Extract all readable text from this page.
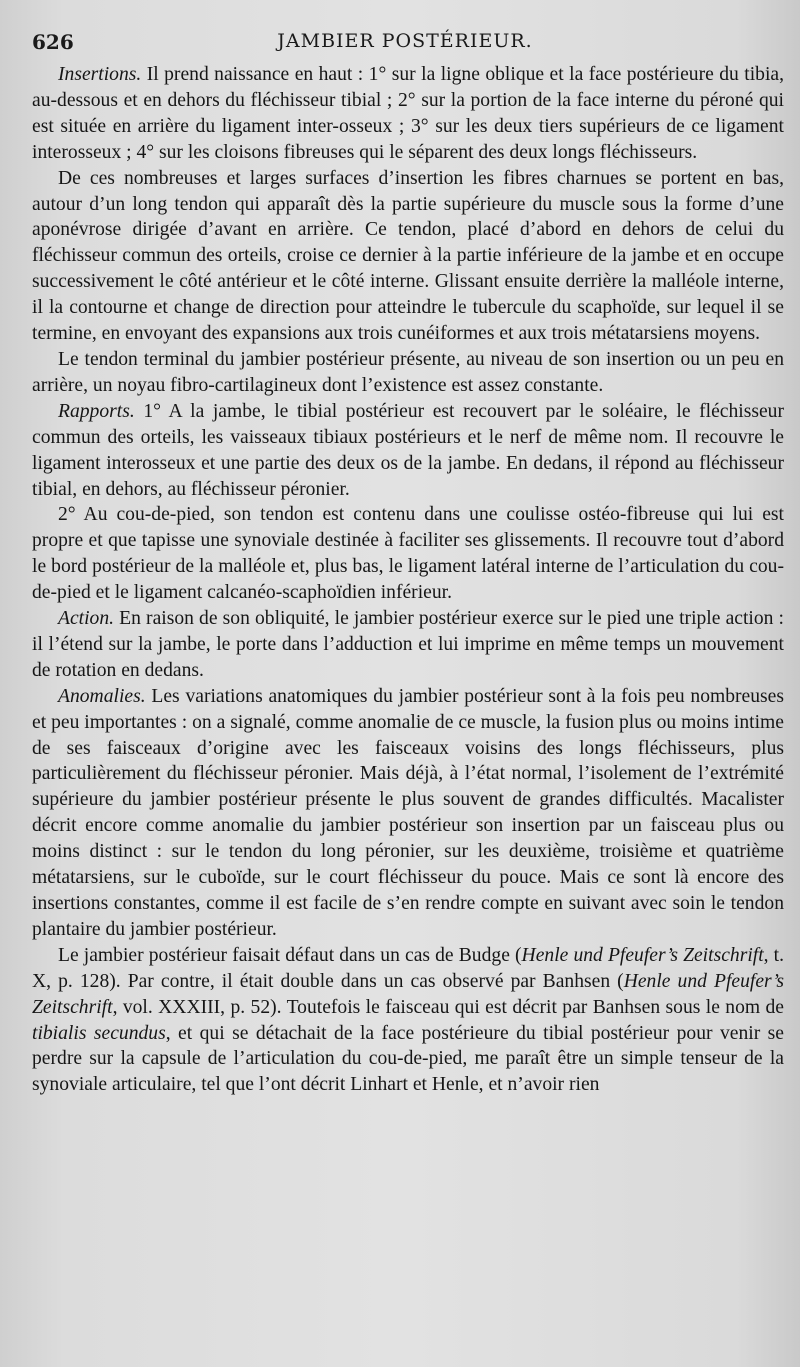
626	JAMBIER POSTÉRIEUR.

Insertions. Il prend naissance en haut : 1° sur la ligne oblique et la face postérieure du tibia, au-dessous et en dehors du fléchisseur tibial ; 2° sur la portion de la face interne du péroné qui est située en arrière du ligament inter-osseux ; 3° sur les deux tiers supérieurs de ce ligament interosseux ; 4° sur les cloisons fibreuses qui le séparent des deux longs fléchisseurs.

De ces nombreuses et larges surfaces d’insertion les fibres charnues se portent en bas, autour d’un long tendon qui apparaît dès la partie supérieure du muscle sous la forme d’une aponévrose dirigée d’avant en arrière. Ce tendon, placé d’abord en dehors de celui du fléchisseur commun des orteils, croise ce dernier à la partie inférieure de la jambe et en occupe successivement le côté antérieur et le côté interne. Glissant ensuite derrière la malléole interne, il la contourne et change de direction pour atteindre le tubercule du scaphoïde, sur lequel il se termine, en envoyant des expansions aux trois cunéiformes et aux trois métatarsiens moyens.

Le tendon terminal du jambier postérieur présente, au niveau de son insertion ou un peu en arrière, un noyau fibro-cartilagineux dont l’existence est assez constante.

Rapports. 1° A la jambe, le tibial postérieur est recouvert par le soléaire, le fléchisseur commun des orteils, les vaisseaux tibiaux postérieurs et le nerf de même nom. Il recouvre le ligament interosseux et une partie des deux os de la jambe. En dedans, il répond au fléchisseur tibial, en dehors, au fléchisseur péronier.

2° Au cou-de-pied, son tendon est contenu dans une coulisse ostéo-fibreuse qui lui est propre et que tapisse une synoviale destinée à faciliter ses glissements. Il recouvre tout d’abord le bord postérieur de la malléole et, plus bas, le ligament latéral interne de l’articulation du cou-de-pied et le ligament calcanéo-scaphoïdien inférieur.

Action. En raison de son obliquité, le jambier postérieur exerce sur le pied une triple action : il l’étend sur la jambe, le porte dans l’adduction et lui imprime en même temps un mouvement de rotation en dedans.

Anomalies. Les variations anatomiques du jambier postérieur sont à la fois peu nombreuses et peu importantes : on a signalé, comme anomalie de ce muscle, la fusion plus ou moins intime de ses faisceaux d’origine avec les faisceaux voisins des longs fléchisseurs, plus particulièrement du fléchisseur péronier. Mais déjà, à l’état normal, l’isolement de l’extrémité supérieure du jambier postérieur présente le plus souvent de grandes difficultés. Macalister décrit encore comme anomalie du jambier postérieur son insertion par un faisceau plus ou moins distinct : sur le tendon du long péronier, sur les deuxième, troisième et quatrième métatarsiens, sur le cuboïde, sur le court fléchisseur du pouce. Mais ce sont là encore des insertions constantes, comme il est facile de s’en rendre compte en suivant avec soin le tendon plantaire du jambier postérieur.

Le jambier postérieur faisait défaut dans un cas de Budge (Henle und Pfeufer’s Zeitschrift, t. X, p. 128). Par contre, il était double dans un cas observé par Banhsen (Henle und Pfeufer’s Zeitschrift, vol. XXXIII, p. 52). Toutefois le faisceau qui est décrit par Banhsen sous le nom de tibialis secundus, et qui se détachait de la face postérieure du tibial postérieur pour venir se perdre sur la capsule de l’articulation du cou-de-pied, me paraît être un simple tenseur de la synoviale articulaire, tel que l’ont décrit Linhart et Henle, et n’avoir rien
